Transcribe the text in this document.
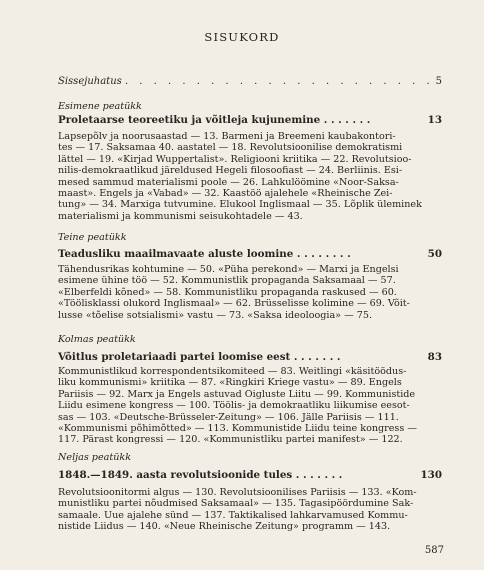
SISUKORD
Sissejuhatus . . . . . . . . . . . . . . . . . . . . . . 5
Esimene peatükk
Proletaarse teoreetiku ja võitleja kujunemine . . . . . . .	13
Lapsepõlv ja noorusaastad — 13. Barmeni ja Breemeni kaubakontori-
tes — 17. Saksamaa 40. aastatel — 18. Revolutsioonilise demokratismi
lättel — 19. «Kirjad Wuppertalist». Religiooni kriitika — 22. Revolutsioo-
nilis-demokraatlikud järeldused Hegeli filosoofiast — 24. Berliinis. Esi-
mesed sammud materialismi poole — 26. Lahkulöömine «Noor-Saksa-
maast». Engels ja «Vabad» — 32. Kaastöö ajalehele «Rheinische Zei-
tung» — 34. Marxiga tutvumine. Elukool Inglismaal — 35. Lõplik üleminek
materialismi ja kommunismi seisukohtadele — 43.
Teine peatükk
Teadusliku maailmavaate aluste loomine . . . . . . . .	50
Tähendusrikas kohtumine — 50. «Püha perekond» — Marxi ja Engelsi
esimene ühine töö — 52. Kommunistlik propaganda Saksamaal — 57.
«Elberfeldi kõned» — 58. Kommunistliku propaganda raskused — 60.
«Töölisklassi olukord Inglismaal» — 62. Brüsselisse kolimine — 69. Võit-
lusse «tõelise sotsialismi» vastu — 73. «Saksa ideoloogia» — 75.
Kolmas peatükk
Võitlus proletariaadi partei loomise eest . . . . . . .	83
Kommunistlikud korrespondentsikomiteed — 83. Weitlingi «käsitöödus-
liku kommunismi» kriitika — 87. «Ringkiri Kriege vastu» — 89. Engels
Pariisis — 92. Marx ja Engels astuvad Õigluste Liitu — 99. Kommunistide
Liidu esimene kongress — 100. Töölis- ja demokraatliku liikumise eesot-
sas — 103. «Deutsche-Brüsseler-Zeitung» — 106. Jälle Pariisis — 111.
«Kommunismi põhimõtted» — 113. Kommunistide Liidu teine kongress —
117. Pärast kongressi — 120. «Kommunistliku partei manifest» — 122.
Neljas peatükk
1848.—1849. aasta revolutsioonide tules . . . . . . .	130
Revolutsioonitormi algus — 130. Revolutsioonilises Pariisis — 133. «Kom-
munistliku partei nõudmised Saksamaal» — 135. Tagasipöördumine Sak-
samaale. Uue ajalehe sünd — 137. Taktikalised lahkarvamused Kommu-
nistide Liidus — 140. «Neue Rheinische Zeitung» programm — 143.
587
